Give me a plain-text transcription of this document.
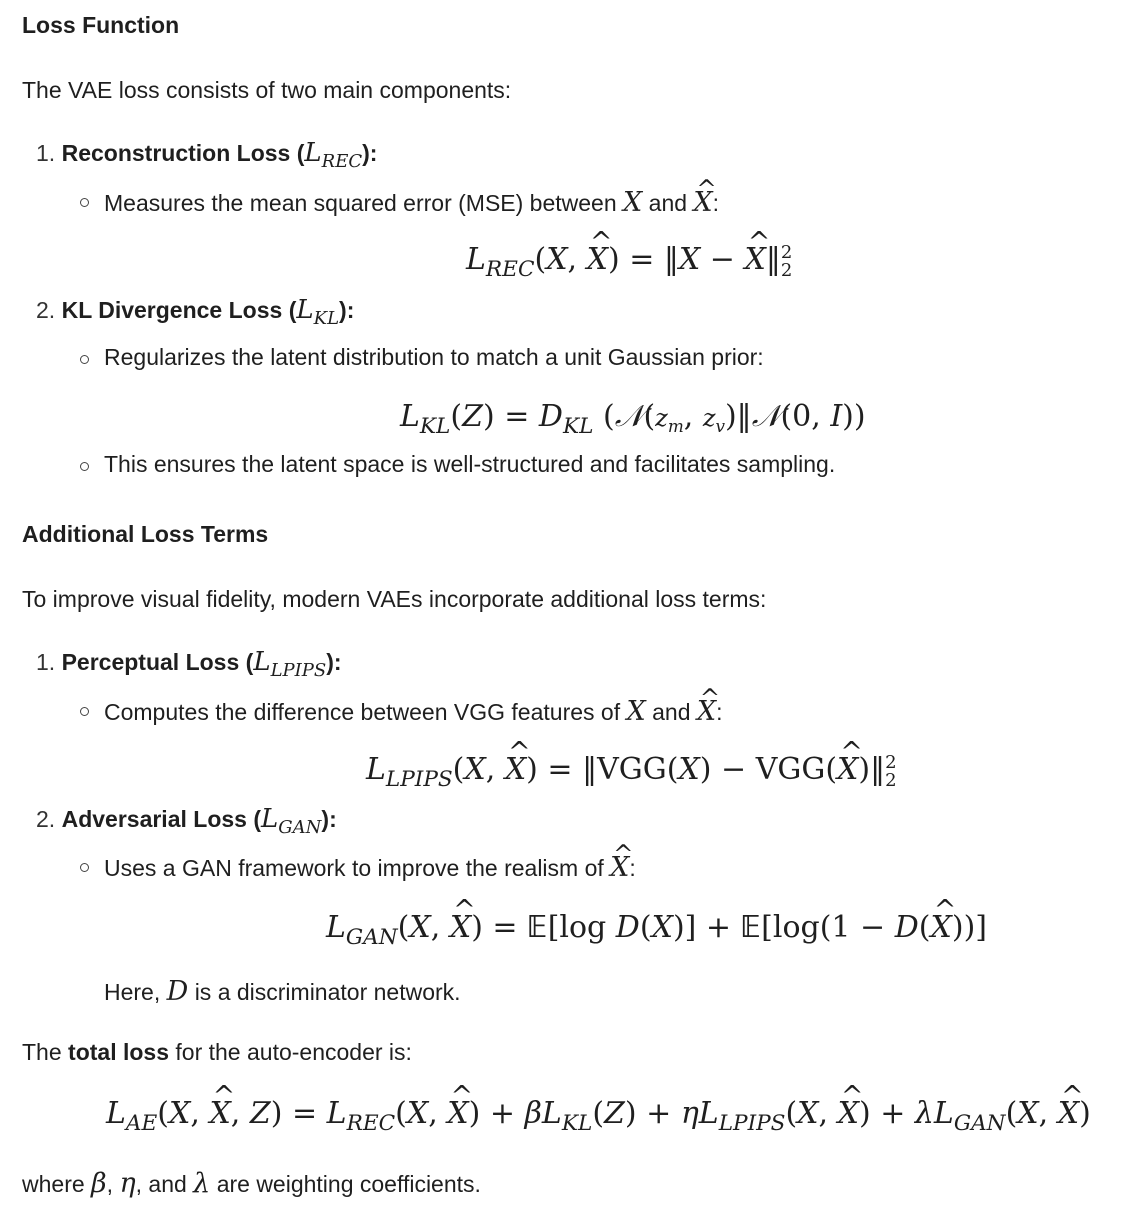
Loss Function
The VAE loss consists of two main components:
1. Reconstruction Loss $(L_{REC})$:
Measures the mean squared error (MSE) between X and X ^:
$L_{REC}(X$, X ^) = ‖X − X ^‖ 2
2
2. KL Divergence Loss $(L_{KL})$:
Regularizes the latent distribution to match a unit Gaussian prior:
$L_{KL}(Z) = D_{KL}$ ($𝒩(z_m$, $z_v)‖𝒩(0$, I))
This ensures the latent space is well-structured and facilitates sampling.
Additional Loss Terms
To improve visual fidelity, modern VAEs incorporate additional loss terms:
1. Perceptual Loss $(L_{LPIPS})$:
Computes the difference between VGG features of X and X ^:
$L_{LPIPS}(X$, X ^) = ‖VGG(X) − VGG(X ^)‖ 2
2
2. Adversarial Loss $(L_{GAN})$:
Uses a GAN framework to improve the realism of X ^:
$L_{GAN}(X$, X ^) = 𝔼[log D(X)] + 𝔼[log(1 − D(X ^))]
Here, D is a discriminator network.
The total loss for the auto-encoder is:
$L_{AE}(X$, X ^, $Z) = L_{REC}(X$, X ^) + $\beta L_{KL}(Z) + \eta L_{LPIPS}(X$, X ^) + $\lambda L_{GAN}(X$, X ^)
where β, η, and λ are weighting coefficients.
